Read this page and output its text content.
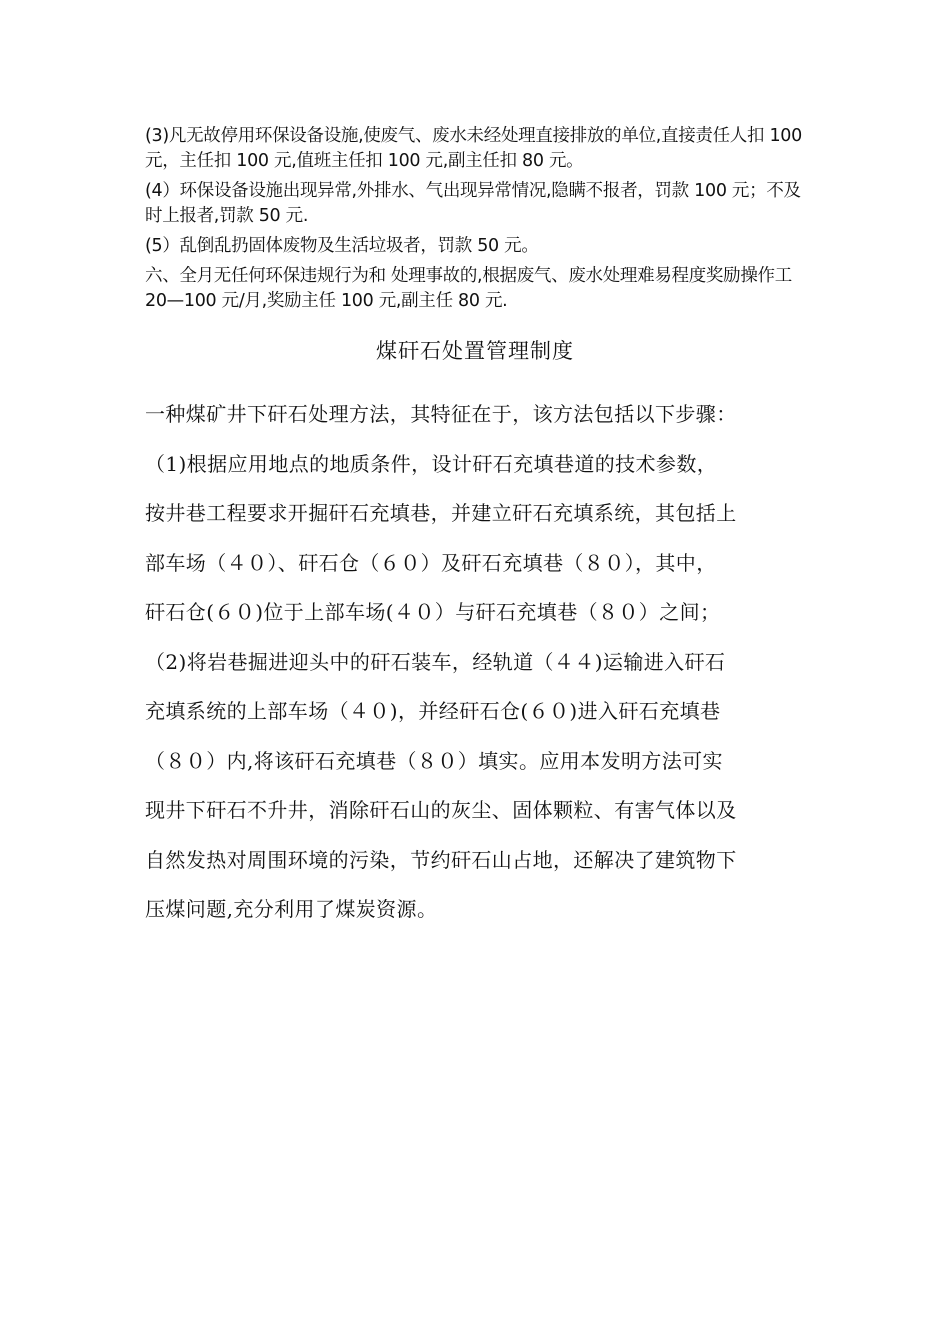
(3)凡无故停用环保设备设施,使废气、废水未经处理直接排放的单位,直接责任人扣 100 元，主任扣 100 元,值班主任扣 100 元,副主任扣 80 元。

(4）环保设备设施出现异常,外排水、气出现异常情况,隐瞒不报者，罚款 100 元；不及时上报者,罚款 50 元.

(5）乱倒乱扔固体废物及生活垃圾者，罚款 50 元。

六、全月无任何环保违规行为和 处理事故的,根据废气、废水处理难易程度奖励操作工 20—100 元/月,奖励主任 100 元,副主任 80 元.

煤矸石处置管理制度
一种煤矿井下矸石处理方法，其特征在于，该方法包括以下步骤：
（1)根据应用地点的地质条件，设计矸石充填巷道的技术参数，
按井巷工程要求开掘矸石充填巷，并建立矸石充填系统，其包括上
部车场（４０）、矸石仓（６０）及矸石充填巷（８０），其中，
矸石仓(６０)位于上部车场(４０）与矸石充填巷（８０）之间；
（2)将岩巷掘进迎头中的矸石装车，经轨道（４４)运输进入矸石
充填系统的上部车场（４０)，并经矸石仓(６０)进入矸石充填巷
（８０）内,将该矸石充填巷（８０）填实。应用本发明方法可实
现井下矸石不升井，消除矸石山的灰尘、固体颗粒、有害气体以及
自然发热对周围环境的污染，节约矸石山占地，还解决了建筑物下
压煤问题,充分利用了煤炭资源。
